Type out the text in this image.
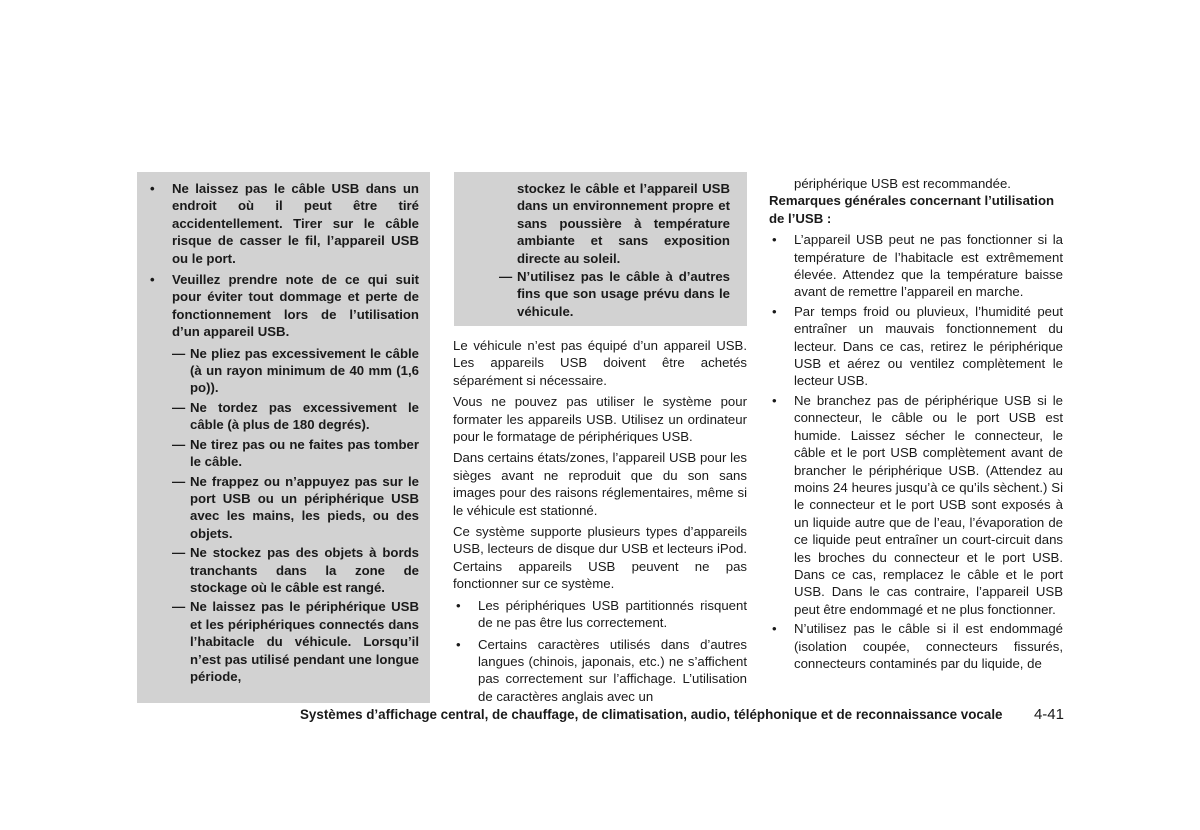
• Ne laissez pas le câble USB dans un endroit où il peut être tiré accidentellement. Tirer sur le câble risque de casser le fil, l’appareil USB ou le port.
• Veuillez prendre note de ce qui suit pour éviter tout dommage et perte de fonctionnement lors de l’utilisation d’un appareil USB.
— Ne pliez pas excessivement le câble (à un rayon minimum de 40 mm (1,6 po)).
— Ne tordez pas excessivement le câble (à plus de 180 degrés).
— Ne tirez pas ou ne faites pas tomber le câble.
— Ne frappez ou n’appuyez pas sur le port USB ou un périphérique USB avec les mains, les pieds, ou des objets.
— Ne stockez pas des objets à bords tranchants dans la zone de stockage où le câble est rangé.
— Ne laissez pas le périphérique USB et les périphériques connectés dans l’habitacle du véhicule. Lorsqu’il n’est pas utilisé pendant une longue période,

stockez le câble et l’appareil USB dans un environnement propre et sans poussière à température ambiante et sans exposition directe au soleil.

— N’utilisez pas le câble à d’autres fins que son usage prévu dans le véhicule.

Le véhicule n’est pas équipé d’un appareil USB. Les appareils USB doivent être achetés séparément si nécessaire.

Vous ne pouvez pas utiliser le système pour formater les appareils USB. Utilisez un ordinateur pour le formatage de périphériques USB.

Dans certains états/zones, l’appareil USB pour les sièges avant ne reproduit que du son sans images pour des raisons réglementaires, même si le véhicule est stationné.

Ce système supporte plusieurs types d’appareils USB, lecteurs de disque dur USB et lecteurs iPod. Certains appareils USB peuvent ne pas fonctionner sur ce système.

• Les périphériques USB partitionnés risquent de ne pas être lus correctement.
• Certains caractères utilisés dans d’autres langues (chinois, japonais, etc.) ne s’affichent pas correctement sur l’affichage. L’utilisation de caractères anglais avec un

périphérique USB est recommandée.

Remarques générales concernant l’utilisation de l’USB :

• L’appareil USB peut ne pas fonctionner si la température de l’habitacle est extrêmement élevée. Attendez que la température baisse avant de remettre l’appareil en marche.
• Par temps froid ou pluvieux, l’humidité peut entraîner un mauvais fonctionnement du lecteur. Dans ce cas, retirez le périphérique USB et aérez ou ventilez complètement le lecteur USB.
• Ne branchez pas de périphérique USB si le connecteur, le câble ou le port USB est humide. Laissez sécher le connecteur, le câble et le port USB complètement avant de brancher le périphérique USB. (Attendez au moins 24 heures jusqu’à ce qu’ils sèchent.) Si le connecteur et le port USB sont exposés à un liquide autre que de l’eau, l’évaporation de ce liquide peut entraîner un court-circuit dans les broches du connecteur et le port USB. Dans ce cas, remplacez le câble et le port USB. Dans le cas contraire, l’appareil USB peut être endommagé et ne plus fonctionner.
• N’utilisez pas le câble si il est endommagé (isolation coupée, connecteurs fissurés, connecteurs contaminés par du liquide, de
Systèmes d’affichage central, de chauffage, de climatisation, audio, téléphonique et de reconnaissance vocale 4-41
